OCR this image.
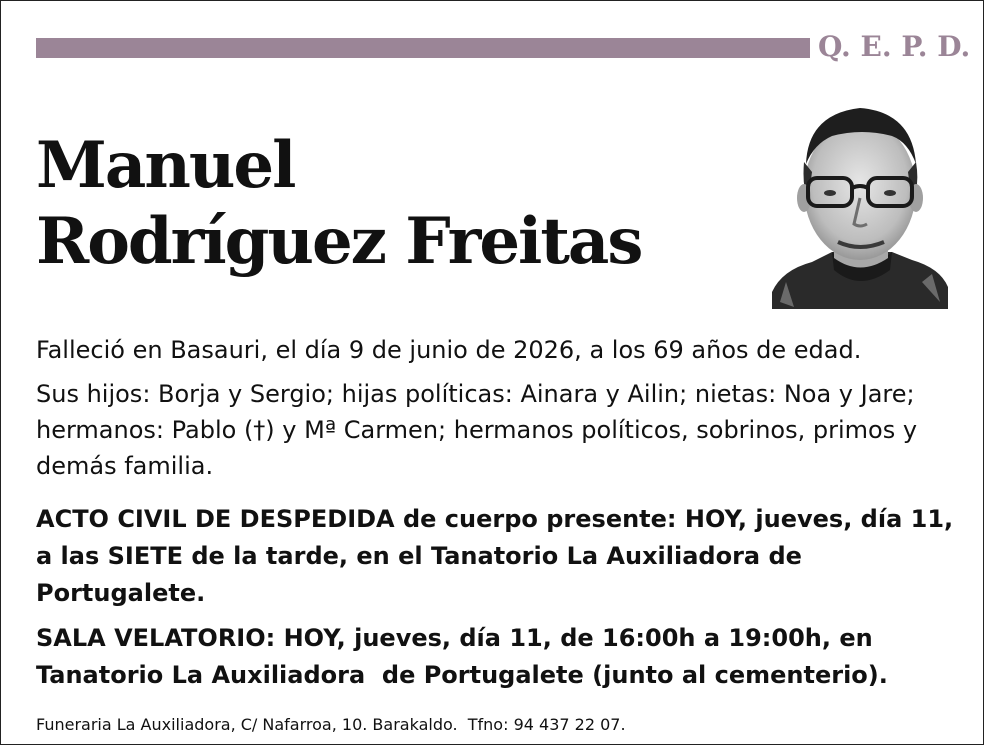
Q. E. P. D.
Manuel
Rodríguez Freitas
Falleció en Basauri, el día 9 de junio de 2026, a los 69 años de edad.
Sus hijos: Borja y Sergio; hijas políticas: Ainara y Ailin; nietas: Noa y Jare; hermanos: Pablo (†) y Mª Carmen; hermanos políticos, sobrinos, primos y demás familia.
ACTO CIVIL DE DESPEDIDA de cuerpo presente: HOY, jueves, día 11, a las SIETE de la tarde, en el Tanatorio La Auxiliadora de Portugalete.
SALA VELATORIO: HOY, jueves, día 11, de 16:00h a 19:00h, en Tanatorio La Auxiliadora  de Portugalete (junto al cementerio).
Funeraria La Auxiliadora, C/ Nafarroa, 10. Barakaldo.  Tfno: 94 437 22 07.
